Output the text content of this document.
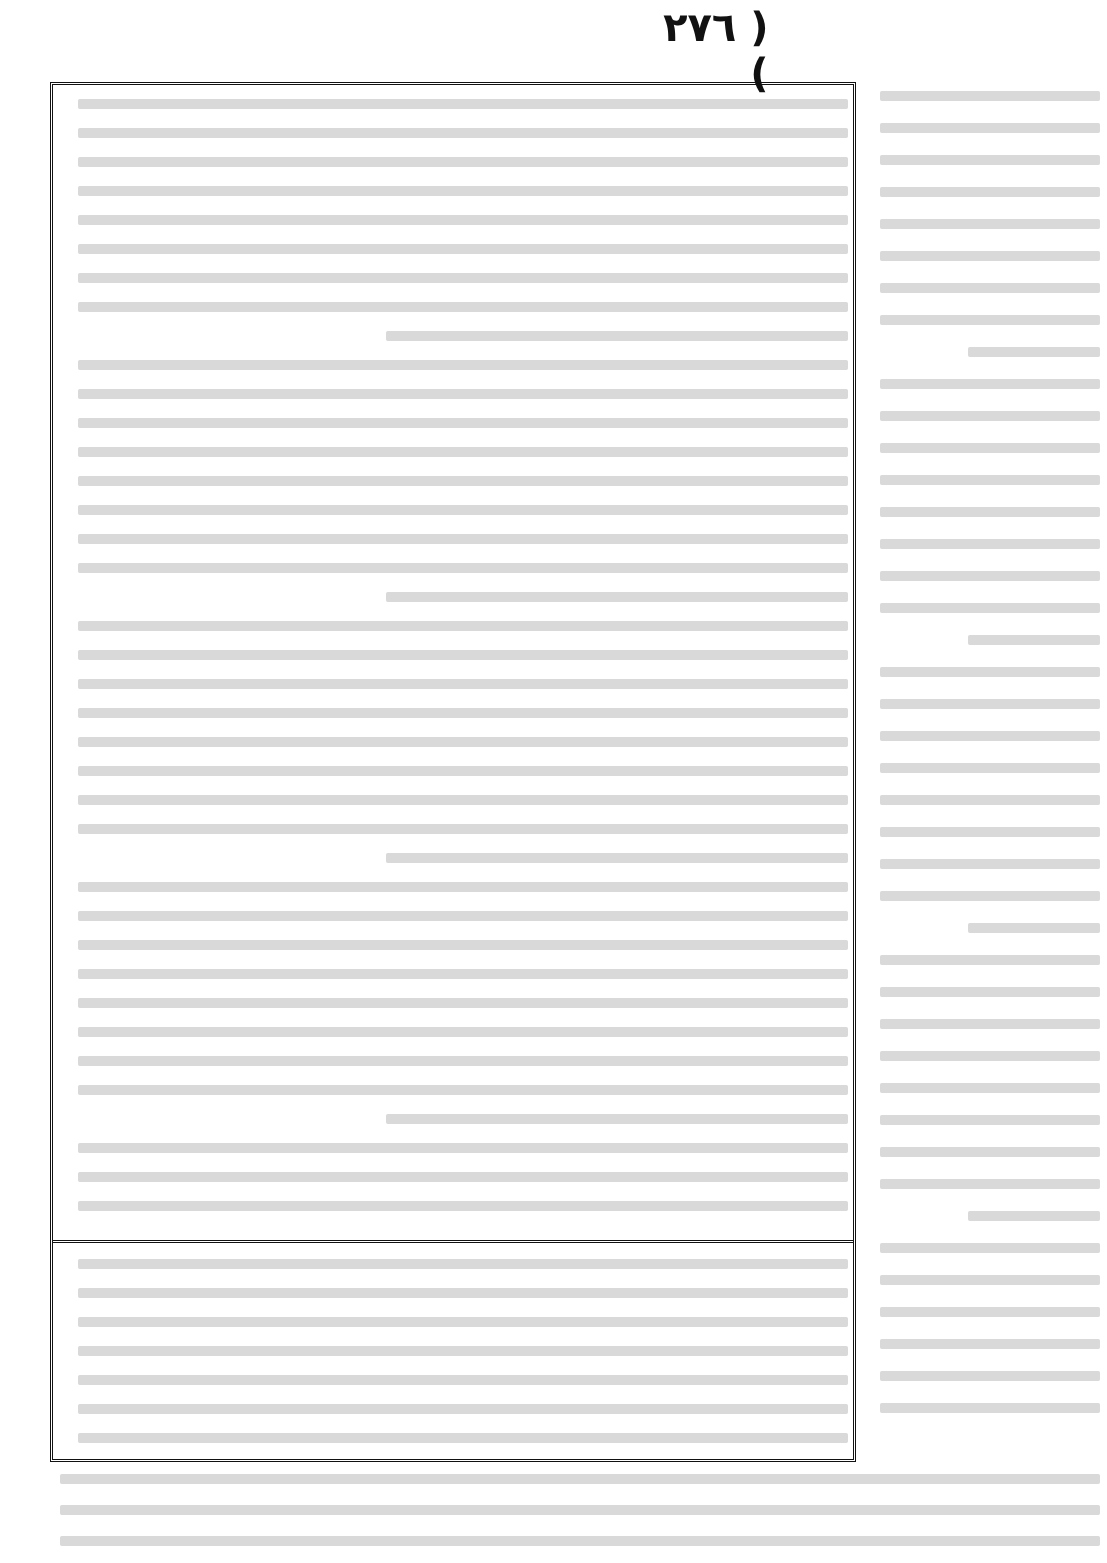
( ٢٧٦ )
